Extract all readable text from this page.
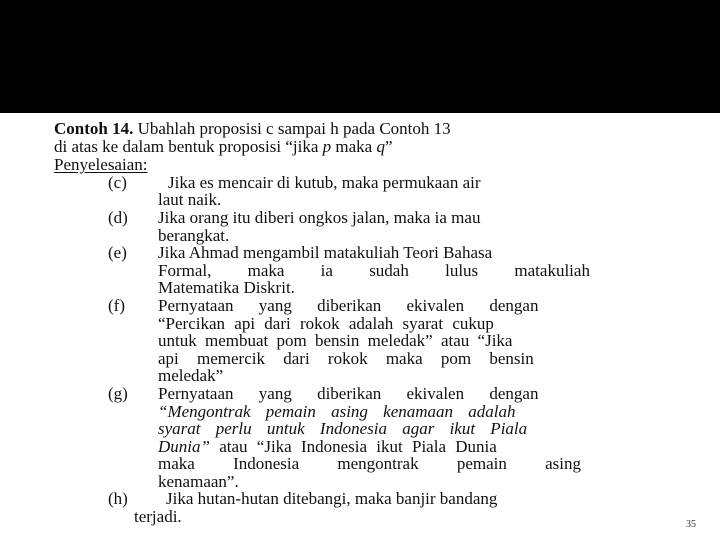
Contoh 14. Ubahlah proposisi c sampai h pada Contoh 13
di atas ke dalam bentuk proposisi “jika p maka q”
Penyelesaian:
(c)	Jika es mencair di kutub, maka permukaan air
laut naik.
(d) Jika orang itu diberi ongkos jalan, maka ia mau
berangkat.
(e) Jika Ahmad mengambil matakuliah Teori Bahasa
Formal, maka ia sudah lulus matakuliah
Matematika Diskrit.
(f) Pernyataan yang diberikan ekivalen dengan
“Percikan api dari rokok adalah syarat cukup
untuk membuat pom bensin meledak” atau “Jika
api memercik dari rokok maka pom bensin
meledak”
(g) Pernyataan yang diberikan ekivalen dengan
“Mengontrak pemain asing kenamaan adalah
syarat perlu untuk Indonesia agar ikut Piala
Dunia” atau “Jika Indonesia ikut Piala Dunia
maka Indonesia mengontrak pemain asing
kenamaan”.
(h)	Jika hutan-hutan ditebangi, maka banjir bandang
terjadi.	35
